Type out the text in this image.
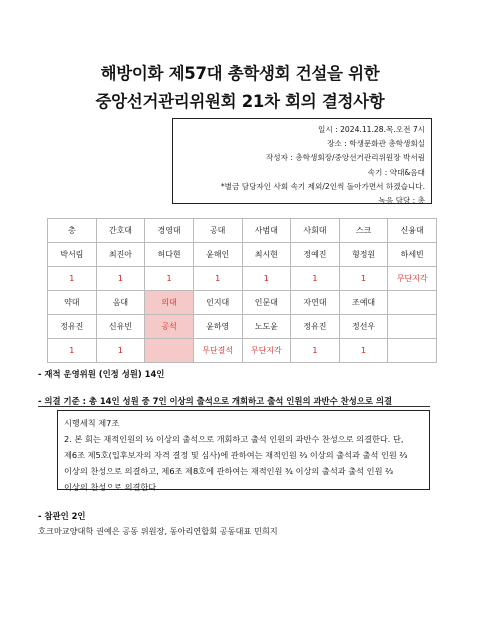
해방이화 제57대 총학생회 건설을 위한
중앙선거관리위원회 21차 회의 결정사항
일시 : 2024.11.28.목.오전 7시
장소 : 학생문화관 총학생회실
작성자 : 총학생회장/중앙선거관리위원장 박서림
속기 : 약대&음대
*별금 담당자인 사회 속기 제외/2인씩 돌아가면서 하겠습니다.
녹음 담당 : 총
총	간호대	경영대	공대	사범대	사회대	스크	신융대
박서림	최진아	허다현	윤해인	최시현	정예진	형정원	하세빈
1	1	1	1	1	1	1	무단지각
약대	음대	의대	인지대	인문대	자연대	조예대	
정유진	신유빈	공석	윤하영	노도윤	정유진	정선우	
1	1		무단결석	무단지각	1	1	
- 재적 운영위원 (인정 성원) 14인
- 의결 기준 : 총 14인 성원 중 7인 이상의 출석으로 개회하고 출석 인원의 과반수 찬성으로 의결
시행세칙 제7조
2. 본 회는 재적인원의 ½ 이상의 출석으로 개회하고 출석 인원의 과반수 찬성으로 의결한다. 단,
제6조 제5호(입후보자의 자격 결정 및 심사)에 관하여는 재적인원 ⅔ 이상의 출석과 출석 인원 ⅔
이상의 찬성으로 의결하고, 제6조 제8호에 관하여는 재적인원 ¾ 이상의 출석과 출석 인원 ⅔
이상의 찬성으로 의결한다.
- 참관인 2인
호크마교양대학 권예은 공동 위원장, 동아리연합회 공동대표 민희지
